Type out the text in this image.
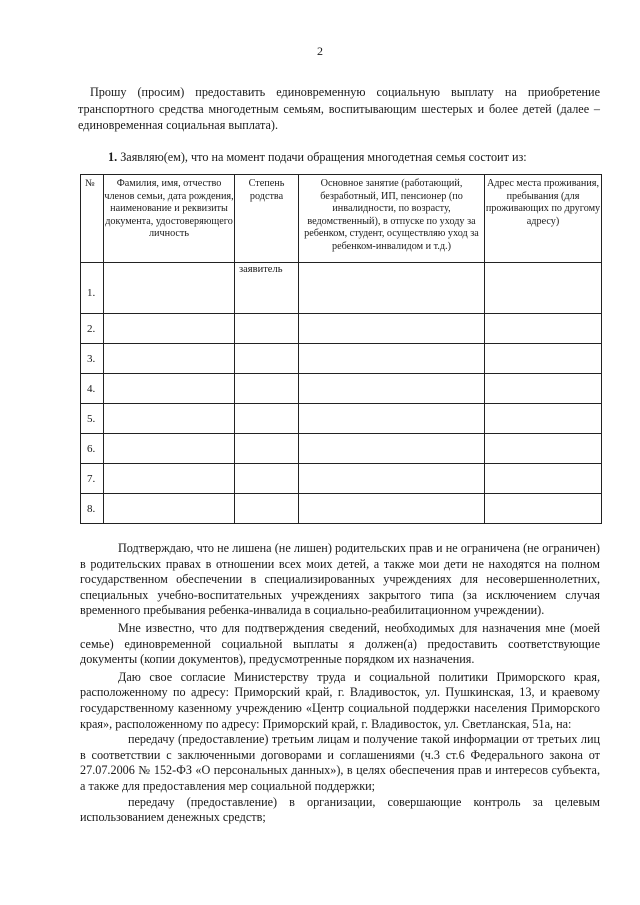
2
Прошу (просим) предоставить единовременную социальную выплату на приобретение транспортного средства многодетным семьям, воспитывающим шестерых и более детей (далее – единовременная социальная выплата).
1. Заявляю(ем), что на момент подачи обращения многодетная семья состоит из:
№	Фамилия, имя, отчество членов семьи, дата рождения, наименование и реквизиты документа, удостоверяющего личность	Степень родства	Основное занятие (работающий, безработный, ИП, пенсионер (по инвалидности, по возрасту, ведомственный), в отпуске по уходу за ребенком, студент, осуществляю уход за ребенком-инвалидом и т.д.)	Адрес места проживания, пребывания (для проживающих по другому адресу)
1.		заявитель		
2.				
3.				
4.				
5.				
6.				
7.				
8.				

Подтверждаю, что не лишена (не лишен) родительских прав и не ограничена (не ограничен) в родительских правах в отношении всех моих детей, а также мои дети не находятся на полном государственном обеспечении в специализированных учреждениях для несовершеннолетних, специальных учебно-воспитательных учреждениях закрытого типа (за исключением случая временного пребывания ребенка-инвалида в социально-реабилитационном учреждении).

Мне известно, что для подтверждения сведений, необходимых для назначения мне (моей семье) единовременной социальной выплаты я должен(а) предоставить соответствующие документы (копии документов), предусмотренные порядком их назначения.

Даю свое согласие Министерству труда и социальной политики Приморского края, расположенному по адресу: Приморский край, г. Владивосток, ул. Пушкинская, 13, и краевому государственному казенному учреждению «Центр социальной поддержки населения Приморского края», расположенному по адресу: Приморский край, г. Владивосток, ул. Светланская, 51а, на:

передачу (предоставление) третьим лицам и получение такой информации от третьих лиц в соответствии с заключенными договорами и соглашениями (ч.3 ст.6 Федерального закона от 27.07.2006 № 152-ФЗ «О персональных данных»), в целях обеспечения прав и интересов субъекта, а также для предоставления мер социальной поддержки;

передачу (предоставление) в организации, совершающие контроль за целевым использованием денежных средств;
